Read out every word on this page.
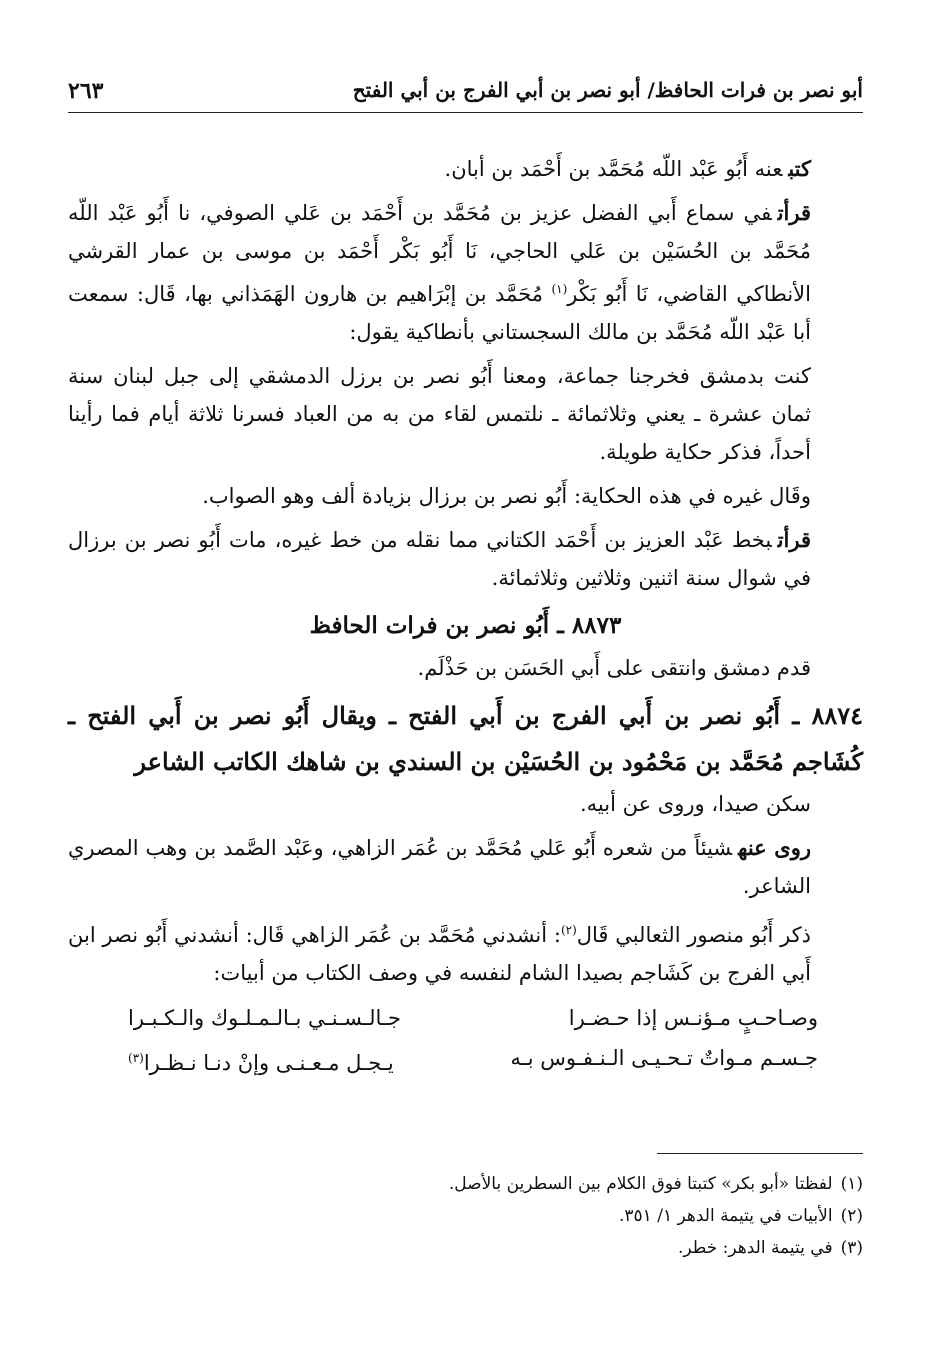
أبو نصر بن فرات الحافظ/ أبو نصر بن أبي الفرج بن أبي الفتح
٢٦٣

كتبعنه أَبُو عَبْد اللّه مُحَمَّد بن أَحْمَد بن أبان.

قرأتفي سماع أَبي الفضل عزيز بن مُحَمَّد بن أَحْمَد بن عَلي الصوفي، نا أَبُو عَبْد اللّه مُحَمَّد بن الحُسَيْن بن عَلي الحاجي، نَا أَبُو بَكْر أَحْمَد بن موسى بن عمار القرشي الأنطاكي القاضي، نَا أَبُو بَكْر$^{(١)}$ مُحَمَّد بن إبْرَاهيم بن هارون الهَمَذاني بها، قَال: سمعت أبا عَبْد اللّه مُحَمَّد بن مالك السجستاني بأنطاكية يقول:

كنت بدمشق فخرجنا جماعة، ومعنا أَبُو نصر بن برزل الدمشقي إلى جبل لبنان سنة ثمان عشرة ـ يعني وثلاثمائة ـ نلتمس لقاء من به من العباد فسرنا ثلاثة أيام فما رأينا أحداً، فذكر حكاية طويلة.

وقَال غيره في هذه الحكاية: أَبُو نصر بن برزال بزيادة ألف وهو الصواب.

قرأتبخط عَبْد العزيز بن أَحْمَد الكتاني مما نقله من خط غيره، مات أَبُو نصر بن برزال في شوال سنة اثنين وثلاثين وثلاثمائة.

٨٨٧٣ ـ أَبُو نصر بن فرات الحافظ

قدم دمشق وانتقى على أَبي الحَسَن بن حَذْلَم.

٨٨٧٤ ـ أَبُو نصر بن أَبي الفرج بن أَبي الفتح ـ ويقال أَبُو نصر بن أَبي الفتح ـ كُشَاجم مُحَمَّد بن مَحْمُود بن الحُسَيْن بن السندي بن شاهك الكاتب الشاعر

سكن صيدا، وروى عن أبيه.

روى عنهشيئاً من شعره أَبُو عَلي مُحَمَّد بن عُمَر الزاهي، وعَبْد الصَّمد بن وهب المصري الشاعر.

ذكر أَبُو منصور الثعالبي قَال$^{(٢)}$: أنشدني مُحَمَّد بن عُمَر الزاهي قَال: أنشدني أَبُو نصر ابن أَبي الفرج بن كَشَاجم بصيدا الشام لنفسه في وصف الكتاب من أبيات:

وصـاحـبٍ مـؤنـس إذا حـضـرا
جـالـسـنـي بـالـمـلـوك والـكـبـرا
جـسـم مـواتٌ تـحـيـى الـنـفـوس بـه
يـجـل مـعـنـى وإنْ دنـا نـظـرا$^{(٣)}$

(١)لفظتا «أبو بكر» كتبتا فوق الكلام بين السطرين بالأصل.

(٢)الأبيات في يتيمة الدهر ١/ ٣٥١.

(٣)في يتيمة الدهر: خطر.
